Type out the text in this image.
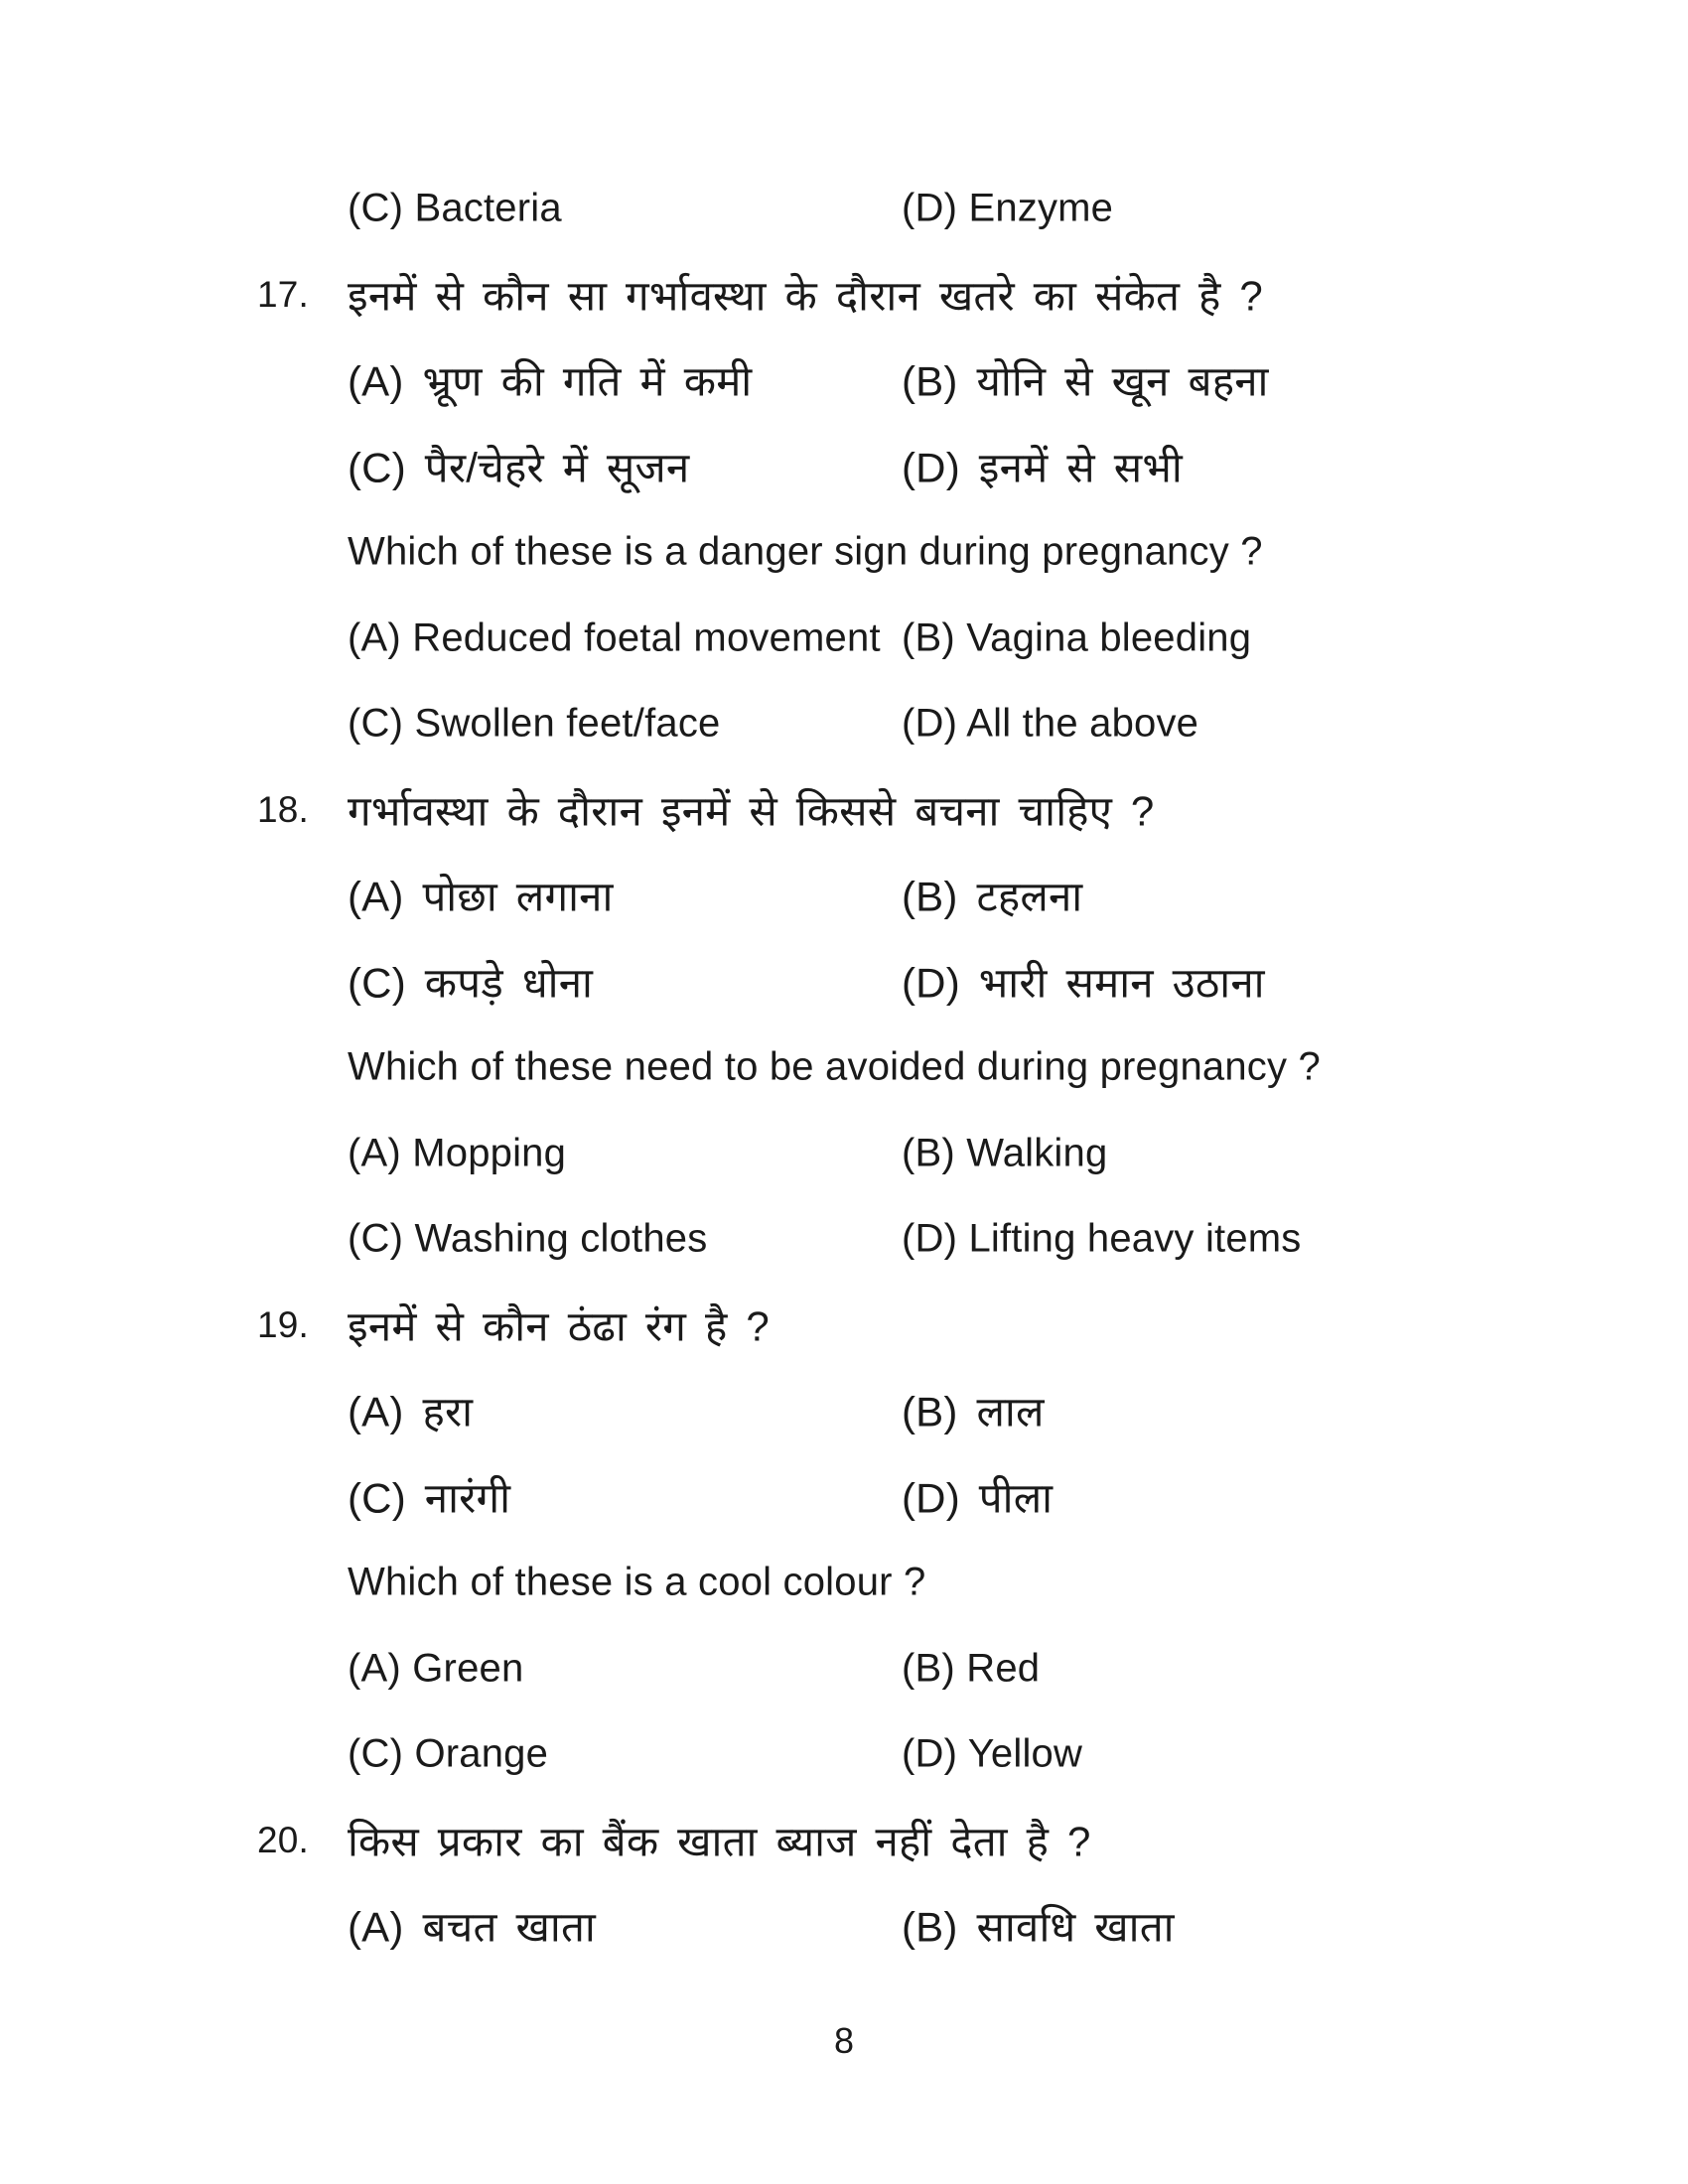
(C) Bacteria	(D) Enzyme
17. इनमें से कौन सा गर्भावस्था के दौरान खतरे का संकेत है ?
(A) भ्रूण की गति में कमी	(B) योनि से खून बहना
(C) पैर/चेहरे में सूजन	(D) इनमें से सभी
Which of these is a danger sign during pregnancy ?
(A) Reduced foetal movement (B) Vagina bleeding
(C) Swollen feet/face	(D) All the above
18. गर्भावस्था के दौरान इनमें से किससे बचना चाहिए ?
(A) पोछा लगाना	(B) टहलना
(C) कपड़े धोना	(D) भारी समान उठाना
Which of these need to be avoided during pregnancy ?
(A) Mopping	(B) Walking
(C) Washing clothes	(D) Lifting heavy items
19. इनमें से कौन ठंढा रंग है ?
(A) हरा	(B) लाल
(C) नारंगी	(D) पीला
Which of these is a cool colour ?
(A) Green	(B) Red
(C) Orange	(D) Yellow
20. किस प्रकार का बैंक खाता ब्याज नहीं देता है ?
(A) बचत खाता	(B) सावधि खाता
8
